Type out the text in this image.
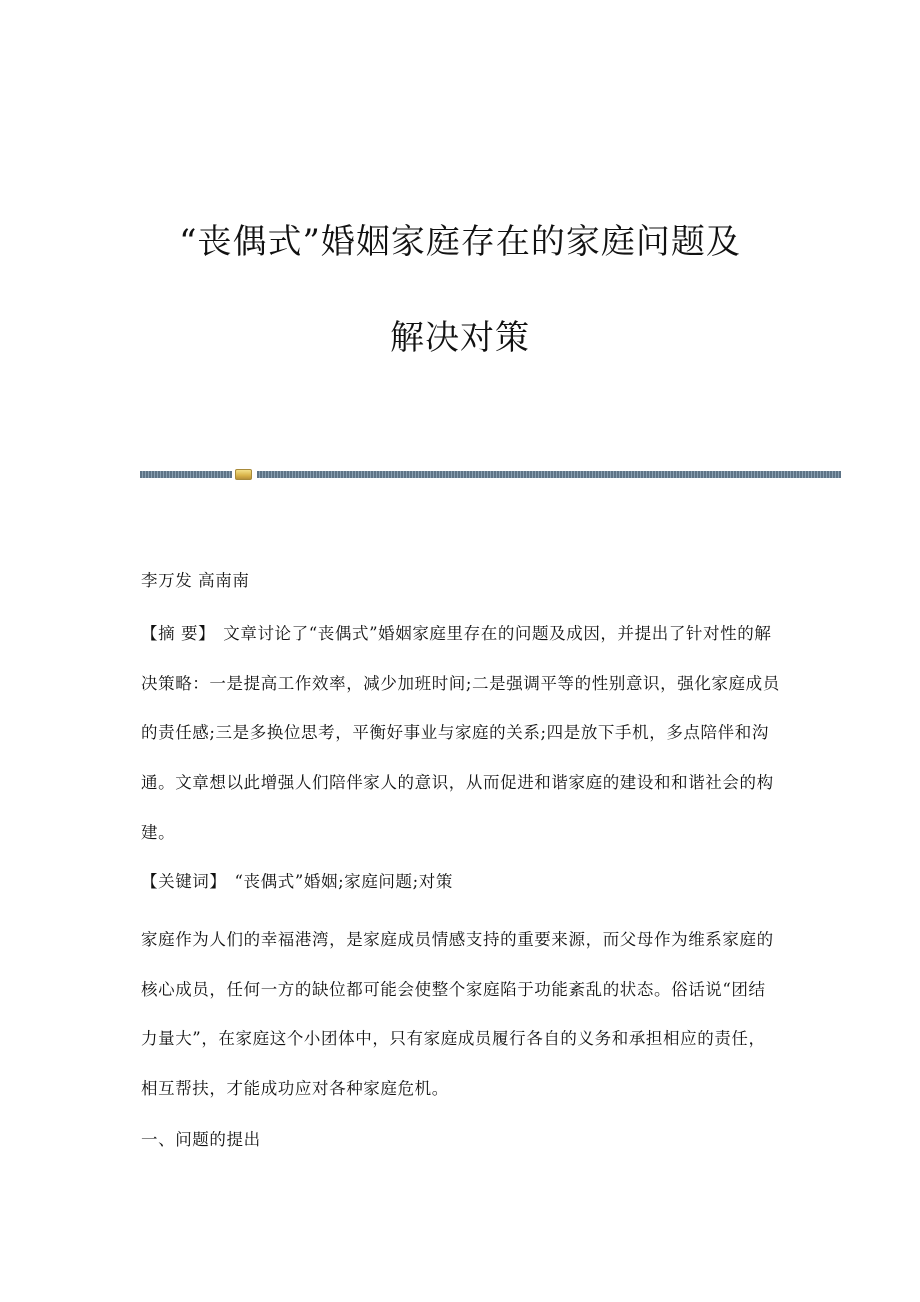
“丧偶式”婚姻家庭存在的家庭问题及
解决对策

李万发 高南南

【摘 要】 文章讨论了“丧偶式”婚姻家庭里存在的问题及成因，并提出了针对性的解决策略：一是提高工作效率，减少加班时间;二是强调平等的性别意识，强化家庭成员的责任感;三是多换位思考，平衡好事业与家庭的关系;四是放下手机，多点陪伴和沟通。文章想以此增强人们陪伴家人的意识，从而促进和谐家庭的建设和和谐社会的构建。

【关键词】 “丧偶式”婚姻;家庭问题;对策

家庭作为人们的幸福港湾，是家庭成员情感支持的重要来源，而父母作为维系家庭的核心成员，任何一方的缺位都可能会使整个家庭陷于功能紊乱的状态。俗话说“团结力量大”，在家庭这个小团体中，只有家庭成员履行各自的义务和承担相应的责任，相互帮扶，才能成功应对各种家庭危机。

一、问题的提出
